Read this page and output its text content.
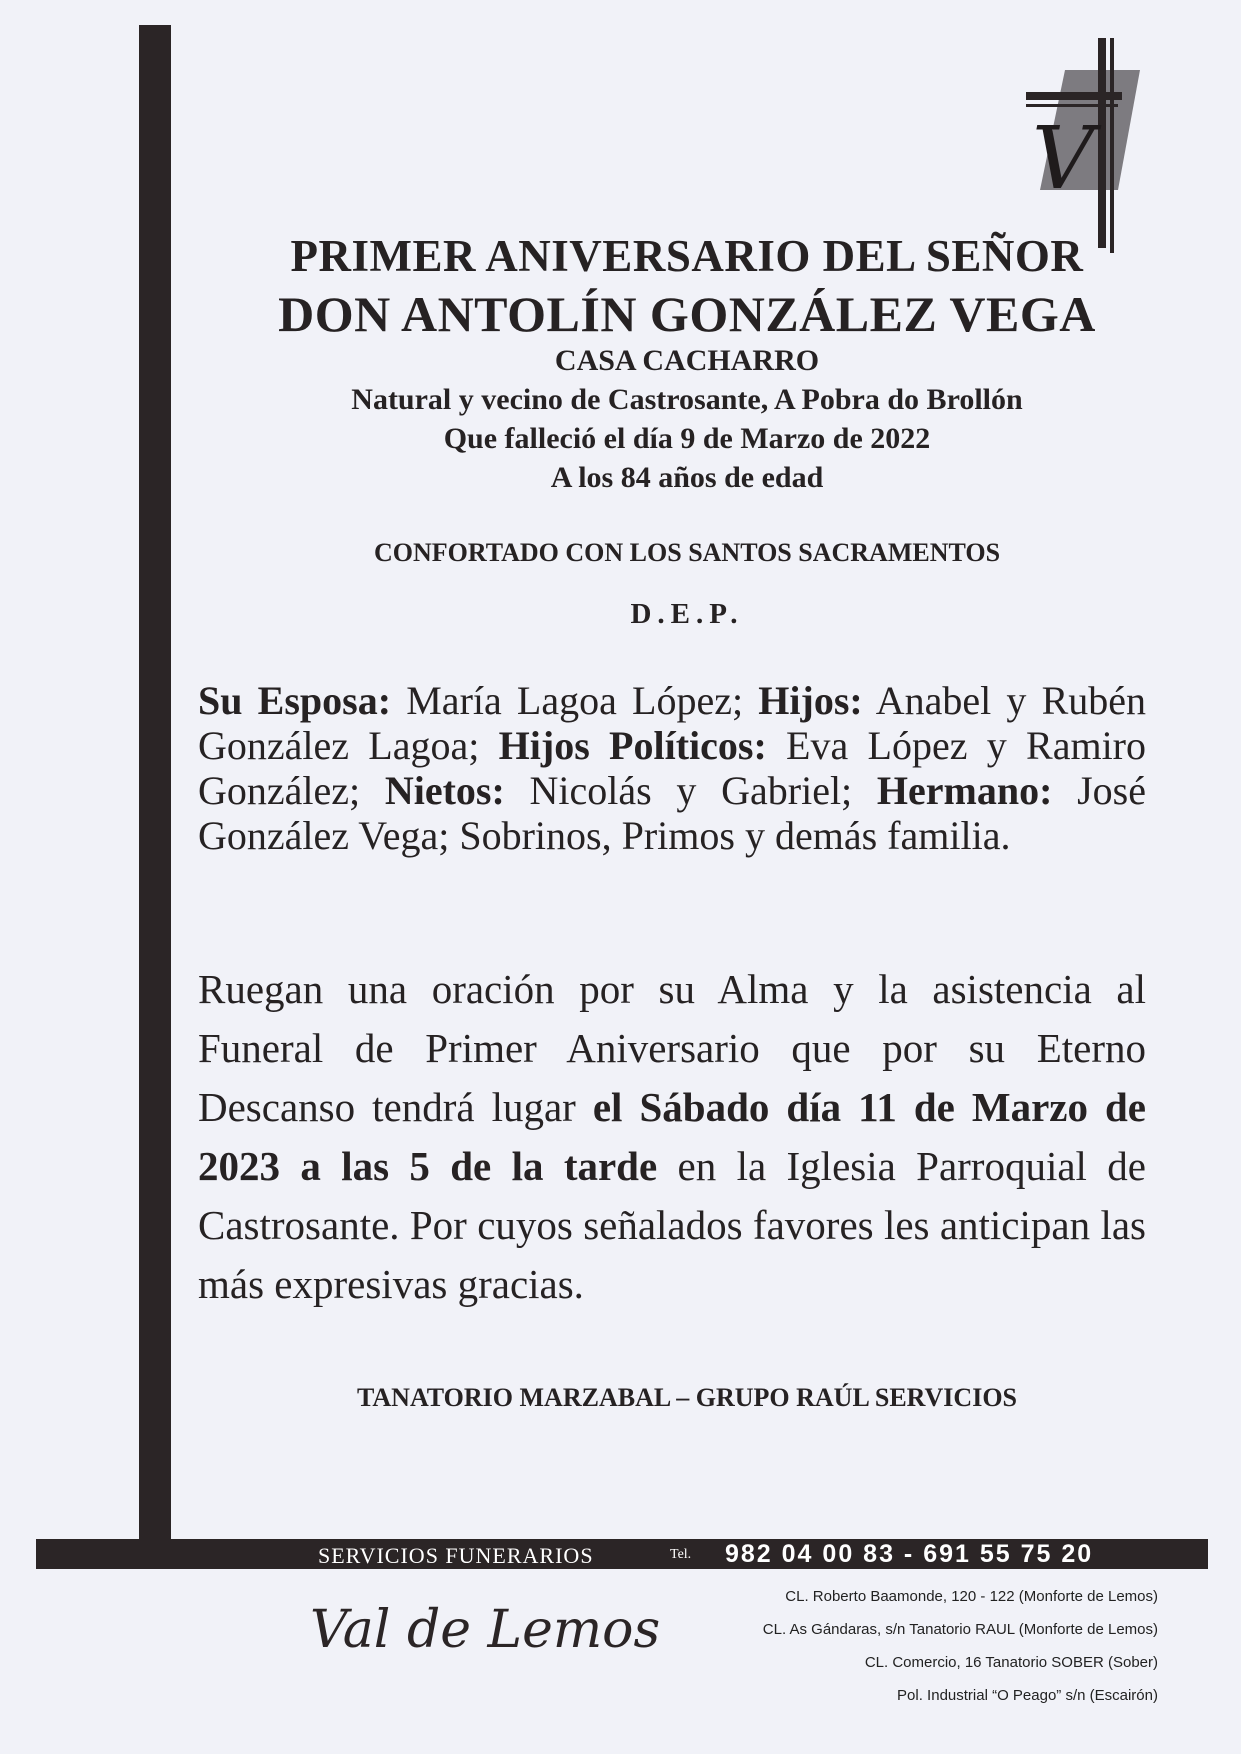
V
PRIMER ANIVERSARIO DEL SEÑOR
DON ANTOLÍN GONZÁLEZ VEGA
CASA CACHARRO
Natural y vecino de Castrosante, A Pobra do Brollón
Que falleció el día 9 de Marzo de 2022
A los 84 años de edad
CONFORTADO CON LOS SANTOS SACRAMENTOS
D.E.P.
Su Esposa: María Lagoa López; Hijos: Anabel y Rubén González Lagoa; Hijos Políticos: Eva López y Ramiro González; Nietos: Nicolás y Gabriel; Hermano: José González Vega; Sobrinos, Primos y demás familia.
Ruegan una oración por su Alma y la asistencia al Funeral de Primer Aniversario que por su Eterno Descanso tendrá lugar el Sábado día 11 de Marzo de 2023 a las 5 de la tarde en la Iglesia Parroquial de Castrosante. Por cuyos señalados favores les anticipan las más expresivas gracias.
TANATORIO MARZABAL – GRUPO RAÚL SERVICIOS
SERVICIOS FUNERARIOS	Tel. 982 04 00 83 - 691 55 75 20
Val de Lemos
CL. Roberto Baamonde, 120 - 122 (Monforte de Lemos)
CL. As Gándaras, s/n Tanatorio RAUL (Monforte de Lemos)
CL. Comercio, 16 Tanatorio SOBER (Sober)
Pol. Industrial “O Peago” s/n (Escairón)
